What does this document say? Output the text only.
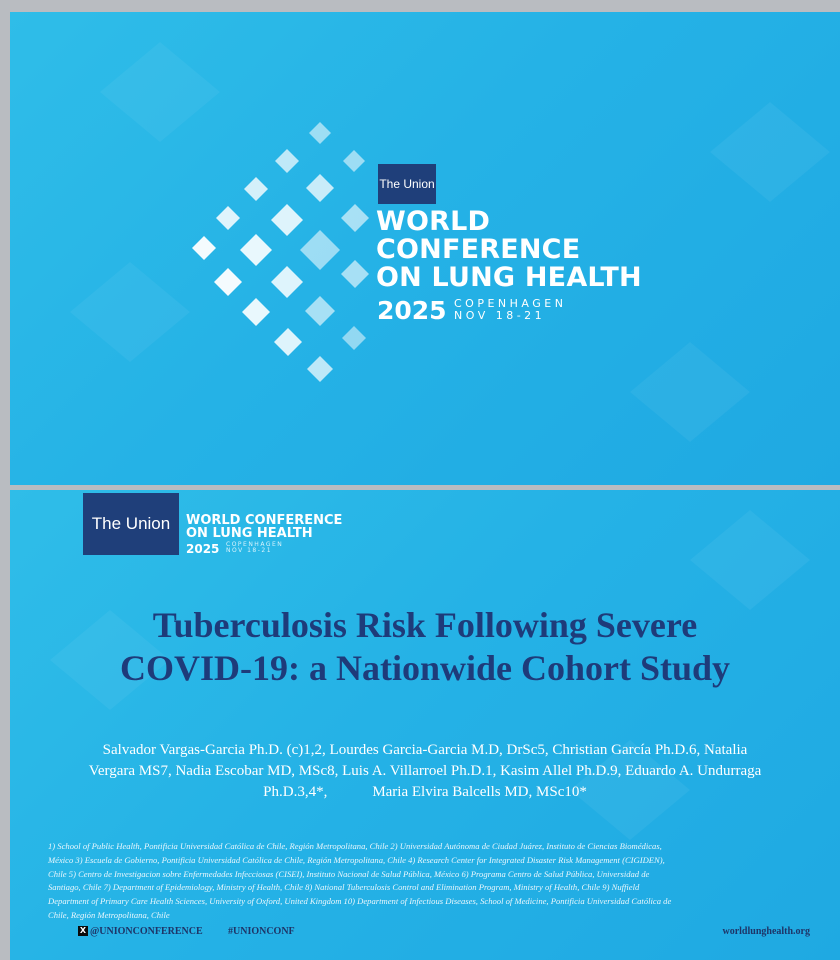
The Union
WORLD
CONFERENCE
ON LUNG HEALTH
2025 COPENHAGEN
NOV 18-21
The Union	WORLD CONFERENCE
ON LUNG HEALTH
2025 COPENHAGEN
NOV 18-21
Tuberculosis Risk Following Severe
COVID-19: a Nationwide Cohort Study
Salvador Vargas-Garcia Ph.D. (c)1,2, Lourdes Garcia-Garcia M.D, DrSc5, Christian García Ph.D.6, Natalia
Vergara MS7, Nadia Escobar MD, MSc8, Luis A. Villarroel Ph.D.1, Kasim Allel Ph.D.9, Eduardo A. Undurraga
Ph.D.3,4*,            Maria Elvira Balcells MD, MSc10*
1) School of Public Health, Pontificia Universidad Católica de Chile, Región Metropolitana, Chile 2) Universidad Autónoma de Ciudad Juárez, Instituto de Ciencias Biomédicas,
México 3) Escuela de Gobierno, Pontificia Universidad Católica de Chile, Región Metropolitana, Chile 4) Research Center for Integrated Disaster Risk Management (CIGIDEN),
Chile 5) Centro de Investigacion sobre Enfermedades Infecciosas (CISEI), Instituto Nacional de Salud Pública, México 6) Programa Centro de Salud Pública, Universidad de
Santiago, Chile 7) Department of Epidemiology, Ministry of Health, Chile 8) National Tuberculosis Control and Elimination Program, Ministry of Health, Chile 9) Nuffield
Department of Primary Care Health Sciences, University of Oxford, United Kingdom 10) Department of Infectious Diseases, School of Medicine, Pontificia Universidad Católica de
Chile, Región Metropolitana, Chile
X @UNIONCONFERENCE	#UNIONCONF	worldlunghealth.org
